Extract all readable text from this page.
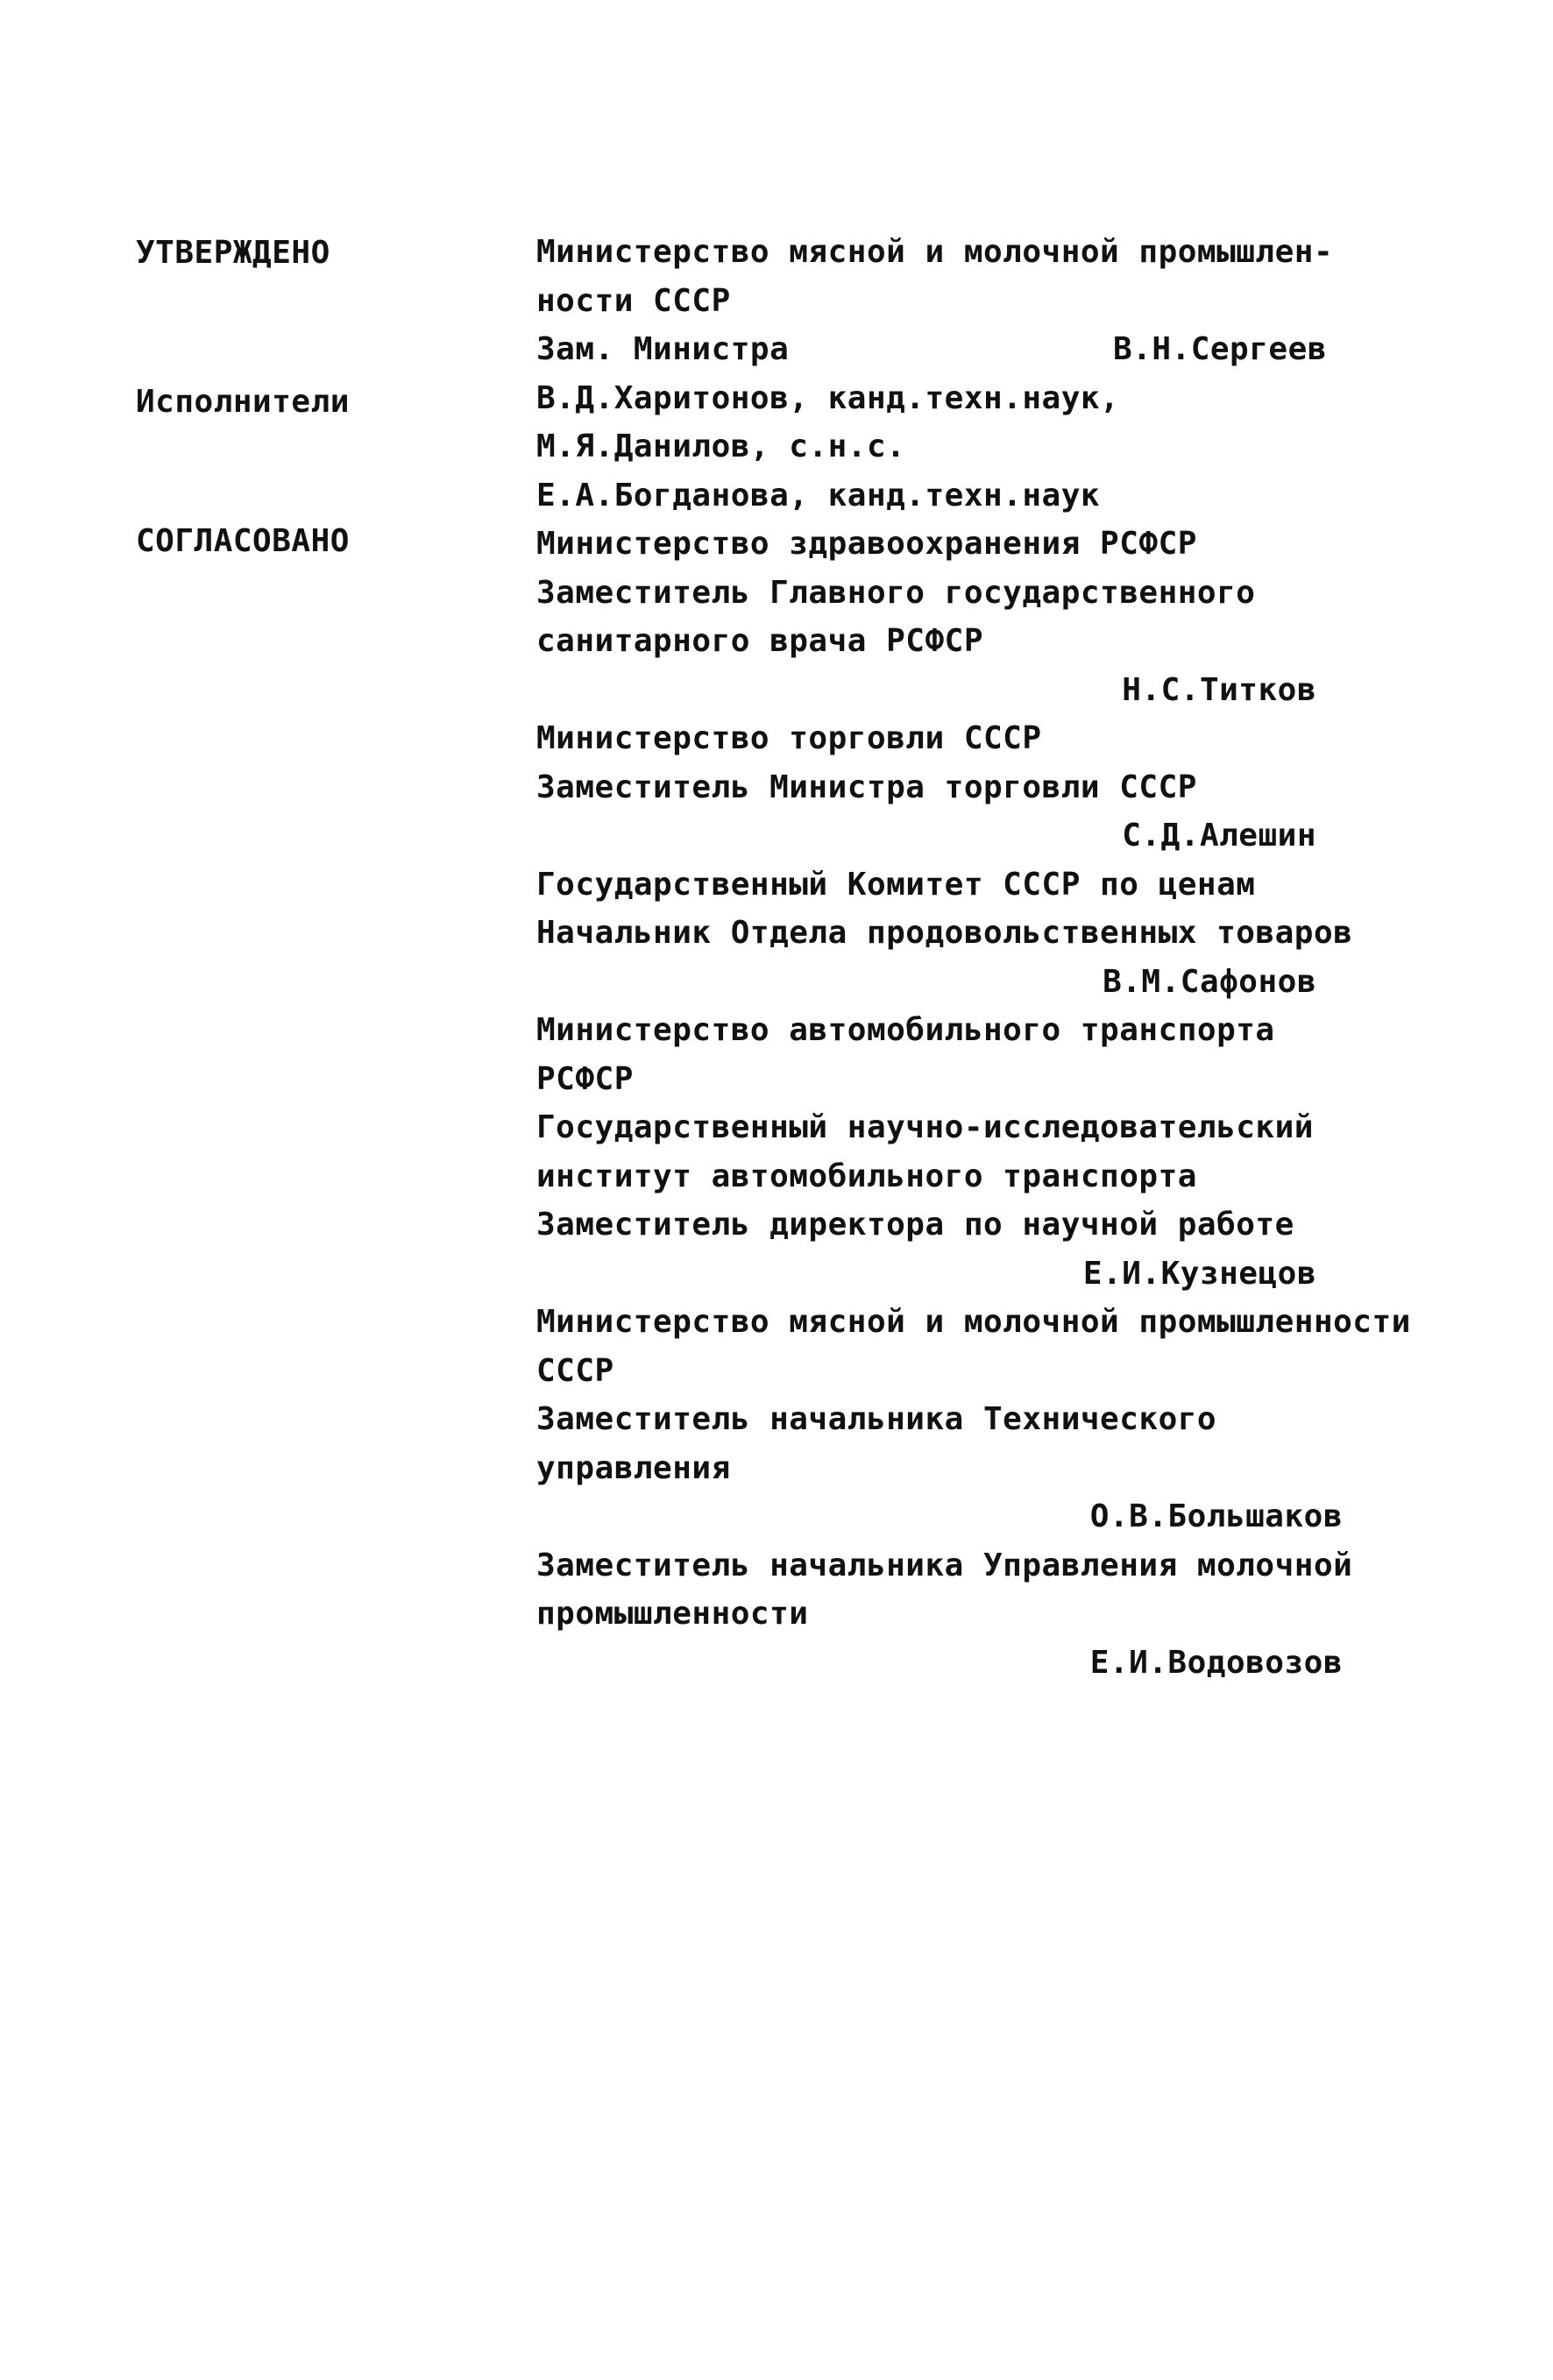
УТВЕРЖДЕНО
Исполнители
СОГЛАСОВАНО
Министерство мясной и молочной промышлен-
ности СССР
Зам. Министра	В.Н.Сергеев
В.Д.Харитонов, канд.техн.наук,
М.Я.Данилов, с.н.с.
Е.А.Богданова, канд.техн.наук
Министерство здравоохранения РСФСР
Заместитель Главного государственного
санитарного врача РСФСР
Н.С.Титков
Министерство торговли СССР
Заместитель Министра торговли СССР
С.Д.Алешин
Государственный Комитет СССР по ценам
Начальник Отдела продовольственных товаров
В.М.Сафонов
Министерство автомобильного транспорта
РСФСР
Государственный научно-исследовательский
институт автомобильного транспорта
Заместитель директора по научной работе
Е.И.Кузнецов
Министерство мясной и молочной промышленности
СССР
Заместитель начальника Технического
управления
О.В.Большаков
Заместитель начальника Управления молочной
промышленности
Е.И.Водовозов
